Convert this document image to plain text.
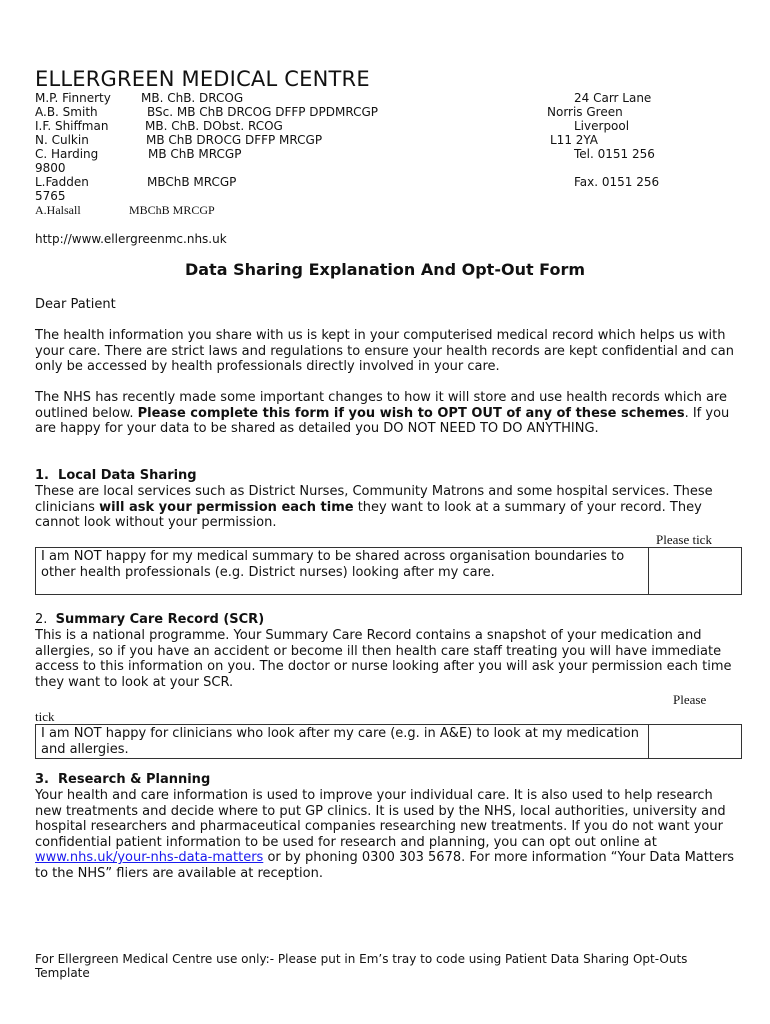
ELLERGREEN MEDICAL CENTRE
M.P. Finnerty	MB. ChB. DRCOG
A.B. Smith	BSc. MB ChB DRCOG DFFP DPDMRCGP
I.F. Shiffman	MB. ChB. DObst. RCOG
N. Culkin	MB ChB DROCG DFFP MRCGP
C. Harding	MB ChB MRCGP
9800
L.Fadden	MBChB MRCGP
5765
A.Halsall	MBChB MRCGP
24 Carr Lane
Norris Green
Liverpool
L11 2YA
Tel. 0151 256
Fax. 0151 256
http://www.ellergreenmc.nhs.uk
Data Sharing Explanation And Opt-Out Form
Dear Patient

The health information you share with us is kept in your computerised medical record which helps us with your care. There are strict laws and regulations to ensure your health records are kept confidential and can only be accessed by health professionals directly involved in your care.

The NHS has recently made some important changes to how it will store and use health records which are outlined below. Please complete this form if you wish to OPT OUT of any of these schemes. If you are happy for your data to be shared as detailed you DO NOT NEED TO DO ANYTHING.

1. Local Data Sharing

These are local services such as District Nurses, Community Matrons and some hospital services. These clinicians will ask your permission each time they want to look at a summary of your record. They cannot look without your permission.

Please tick
I am NOT happy for my medical summary to be shared across organisation boundaries to other health professionals (e.g. District nurses) looking after my care.	
2. Summary Care Record (SCR)

This is a national programme. Your Summary Care Record contains a snapshot of your medication and allergies, so if you have an accident or become ill then health care staff treating you will have immediate access to this information on you. The doctor or nurse looking after you will ask your permission each time they want to look at your SCR.

Please
tick
I am NOT happy for clinicians who look after my care (e.g. in A&E) to look at my medication and allergies.	
3. Research & Planning

Your health and care information is used to improve your individual care. It is also used to help research new treatments and decide where to put GP clinics. It is used by the NHS, local authorities, university and hospital researchers and pharmaceutical companies researching new treatments. If you do not want your confidential patient information to be used for research and planning, you can opt out online at www.nhs.uk/your-nhs-data-matters or by phoning 0300 303 5678. For more information “Your Data Matters to the NHS” fliers are available at reception.

For Ellergreen Medical Centre use only:- Please put in Em’s tray to code using Patient Data Sharing Opt-Outs Template
